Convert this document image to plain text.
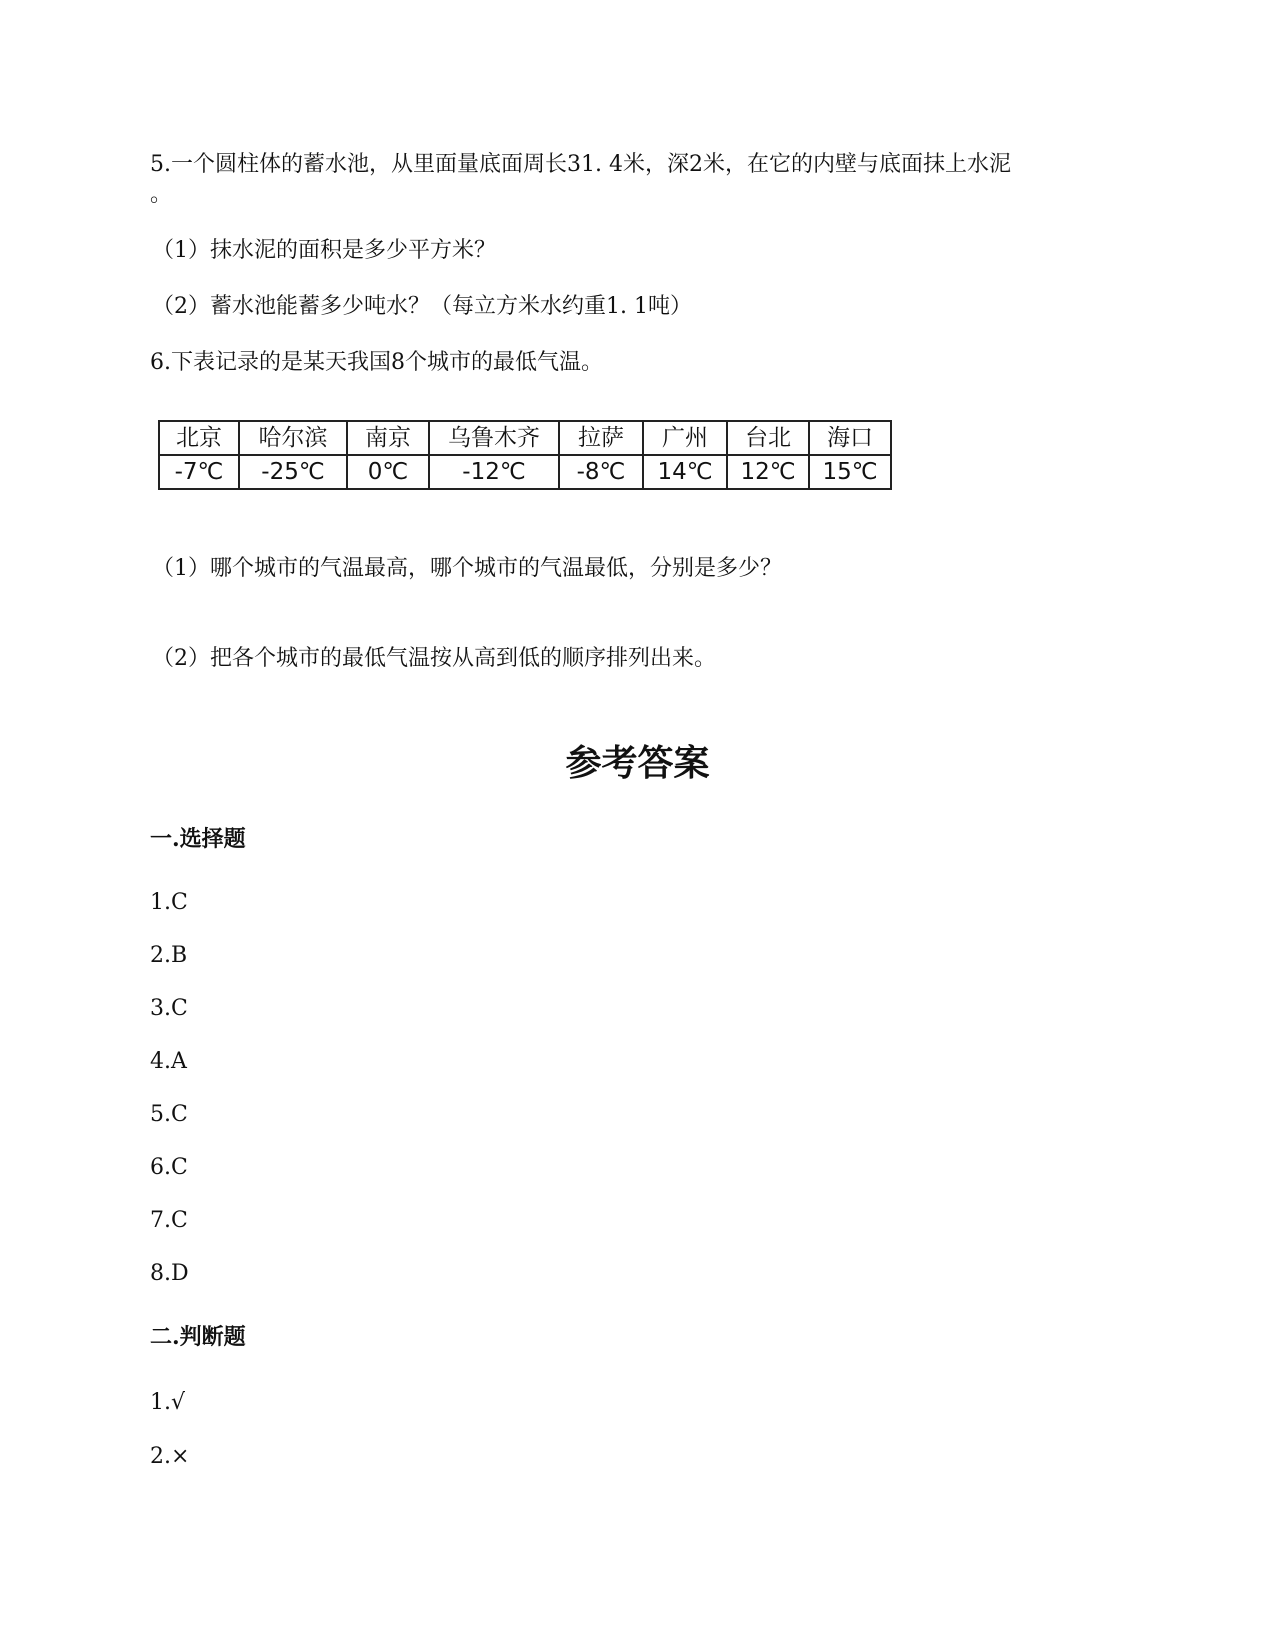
5.一个圆柱体的蓄水池，从里面量底面周长31. 4米，深2米，在它的内壁与底面抹上水泥
。
（1）抹水泥的面积是多少平方米？
（2）蓄水池能蓄多少吨水？（每立方米水约重1. 1吨）
6.下表记录的是某天我国8个城市的最低气温。
北京	哈尔滨	南京	乌鲁木齐	拉萨	广州	台北	海口
-7℃	-25℃	0℃	-12℃	-8℃	14℃	12℃	15℃
（1）哪个城市的气温最高，哪个城市的气温最低，分别是多少？
（2）把各个城市的最低气温按从高到低的顺序排列出来。
参考答案
一.选择题
1.C
2.B
3.C
4.A
5.C
6.C
7.C
8.D
二.判断题
1.√
2.×
